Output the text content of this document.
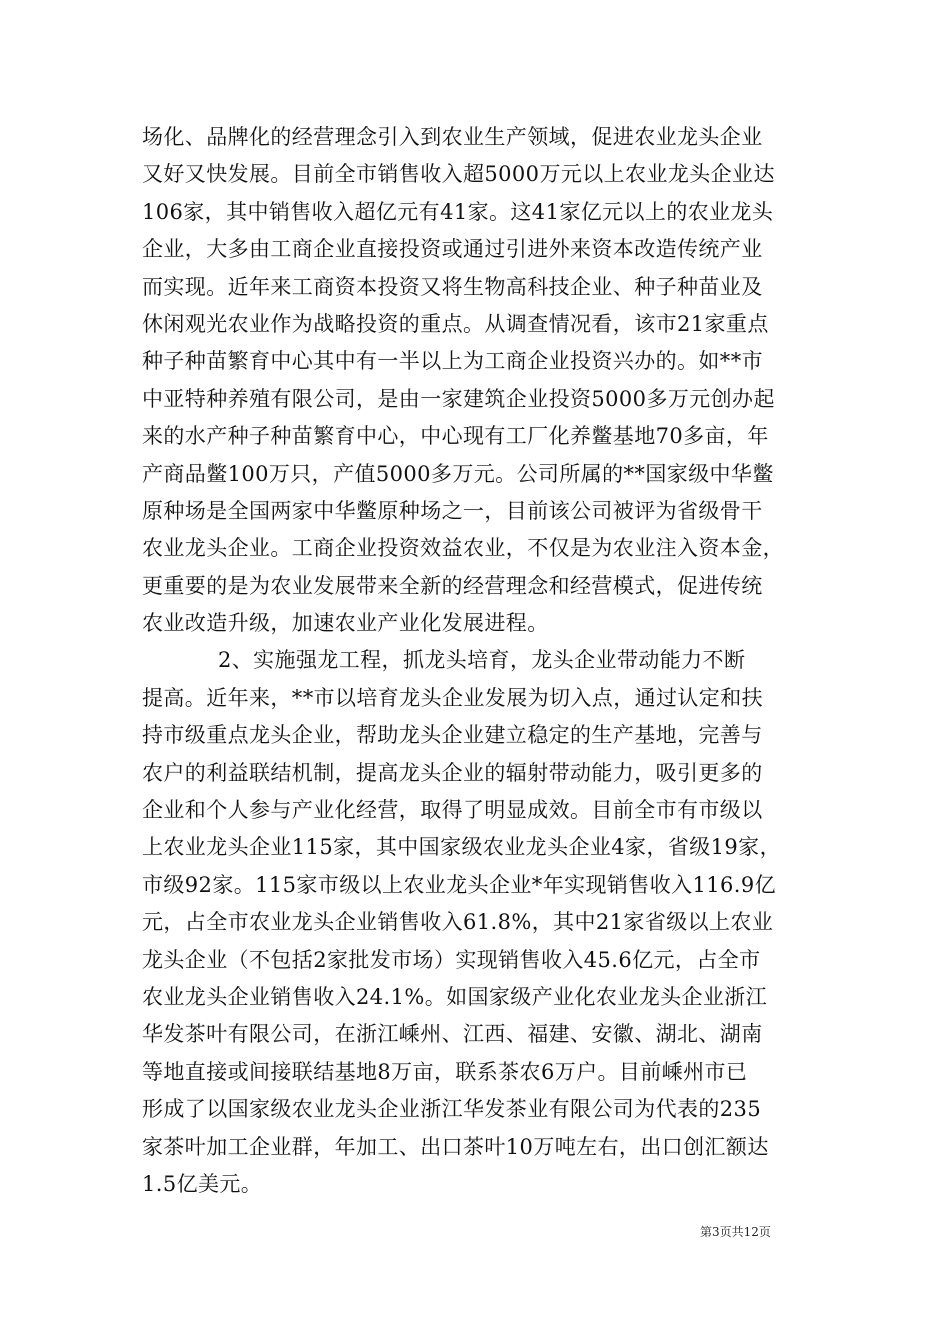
场化、品牌化的经营理念引入到农业生产领域，促进农业龙头企业
又好又快发展。目前全市销售收入超5000万元以上农业龙头企业达
106家，其中销售收入超亿元有41家。这41家亿元以上的农业龙头
企业，大多由工商企业直接投资或通过引进外来资本改造传统产业
而实现。近年来工商资本投资又将生物高科技企业、种子种苗业及
休闲观光农业作为战略投资的重点。从调查情况看，该市21家重点
种子种苗繁育中心其中有一半以上为工商企业投资兴办的。如**市
中亚特种养殖有限公司，是由一家建筑企业投资5000多万元创办起
来的水产种子种苗繁育中心，中心现有工厂化养鳖基地70多亩，年
产商品鳖100万只，产值5000多万元。公司所属的**国家级中华鳖
原种场是全国两家中华鳖原种场之一，目前该公司被评为省级骨干
农业龙头企业。工商企业投资效益农业，不仅是为农业注入资本金，
更重要的是为农业发展带来全新的经营理念和经营模式，促进传统
农业改造升级，加速农业产业化发展进程。
2、实施强龙工程，抓龙头培育，龙头企业带动能力不断
提高。近年来，**市以培育龙头企业发展为切入点，通过认定和扶
持市级重点龙头企业，帮助龙头企业建立稳定的生产基地，完善与
农户的利益联结机制，提高龙头企业的辐射带动能力，吸引更多的
企业和个人参与产业化经营，取得了明显成效。目前全市有市级以
上农业龙头企业115家，其中国家级农业龙头企业4家，省级19家，
市级92家。115家市级以上农业龙头企业*年实现销售收入116.9亿
元，占全市农业龙头企业销售收入61.8%，其中21家省级以上农业
龙头企业（不包括2家批发市场）实现销售收入45.6亿元，占全市
农业龙头企业销售收入24.1%。如国家级产业化农业龙头企业浙江
华发茶叶有限公司，在浙江嵊州、江西、福建、安徽、湖北、湖南
等地直接或间接联结基地8万亩，联系茶农6万户。目前嵊州市已
形成了以国家级农业龙头企业浙江华发茶业有限公司为代表的235
家茶叶加工企业群，年加工、出口茶叶10万吨左右，出口创汇额达
1.5亿美元。
第3页共12页
